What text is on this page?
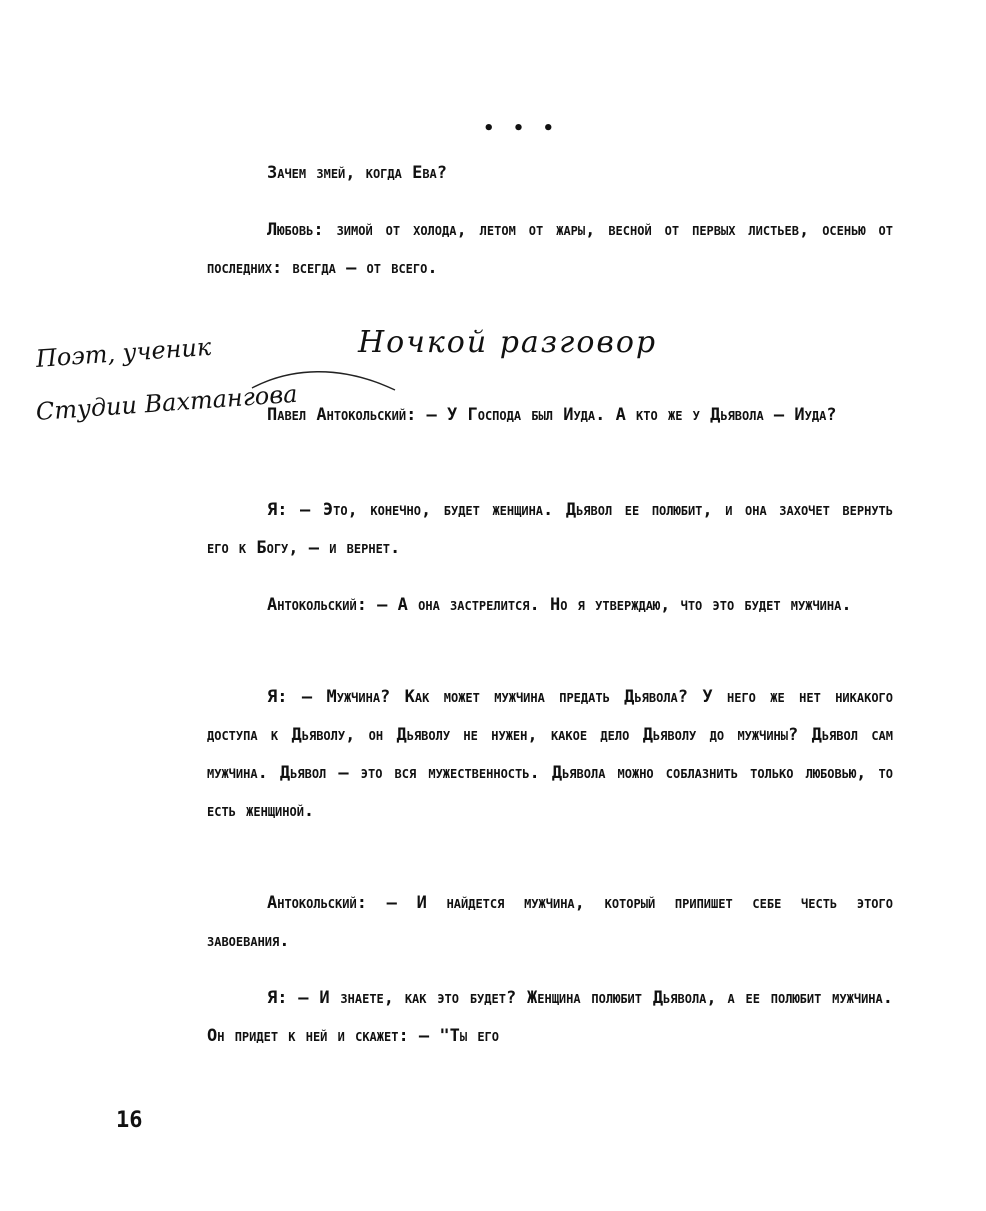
• • •

Зачем змей, когда Ева?

Любовь: зимой от холода, летом от жары, весной от первых листьев, осенью от последних: всегда – от всего.

Ночкой разговор
Поэт, ученик
Студии Вахтангова

Павел Антокольский: – У Господа был Иуда. А кто же у Дьявола – Иуда?

Я: – Это, конечно, будет женщина. Дьявол ее полюбит, и она захочет вернуть его к Богу, – и вернет.

Антокольский: – А она застрелится. Но я утверждаю, что это будет мужчина.

Я: – Мужчина? Как может мужчина предать Дьявола? У него же нет никакого доступа к Дьяволу, он Дьяволу не нужен, какое дело Дьяволу до мужчины? Дьявол сам мужчина. Дьявол – это вся мужественность. Дьявола можно соблазнить только любовью, то есть женщиной.

Антокольский: – И найдется мужчина, который припишет себе честь этого завоевания.

Я: – И знаете, как это будет? Женщина полюбит Дьявола, а ее полюбит мужчина. Он придет к ней и скажет: – "Ты его

16
